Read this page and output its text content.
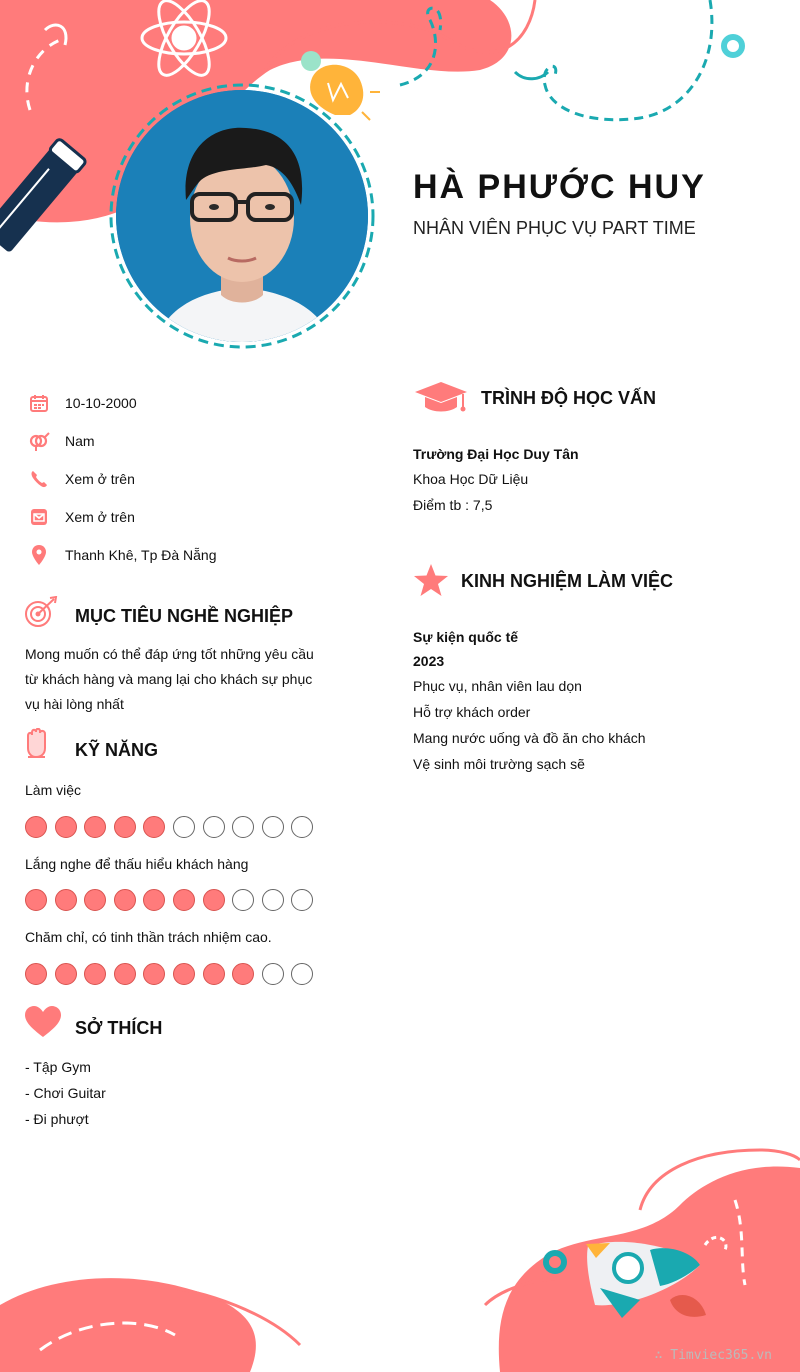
HÀ PHƯỚC HUY
NHÂN VIÊN PHỤC VỤ PART TIME
10-10-2000
Nam
Xem ở trên
Xem ở trên
Thanh Khê, Tp Đà Nẵng
MỤC TIÊU NGHỀ NGHIỆP
Mong muốn có thể đáp ứng tốt những yêu cầu
từ khách hàng và mang lại cho khách sự phục
vụ hài lòng nhất
KỸ NĂNG
Làm việc
Lắng nghe để thấu hiểu khách hàng
Chăm chỉ, có tinh thần trách nhiệm cao.
SỞ THÍCH
- Tập Gym
- Chơi Guitar
- Đi phượt
TRÌNH ĐỘ HỌC VẤN
Trường Đại Học Duy Tân
Khoa Học Dữ Liệu
Điểm tb : 7,5
KINH NGHIỆM LÀM VIỆC
Sự kiện quốc tế
2023
Phục vụ, nhân viên lau dọn
Hỗ trợ khách order
Mang nước uống và đồ ăn cho khách
Vệ sinh môi trường sạch sẽ
∴ Timviec365.vn
